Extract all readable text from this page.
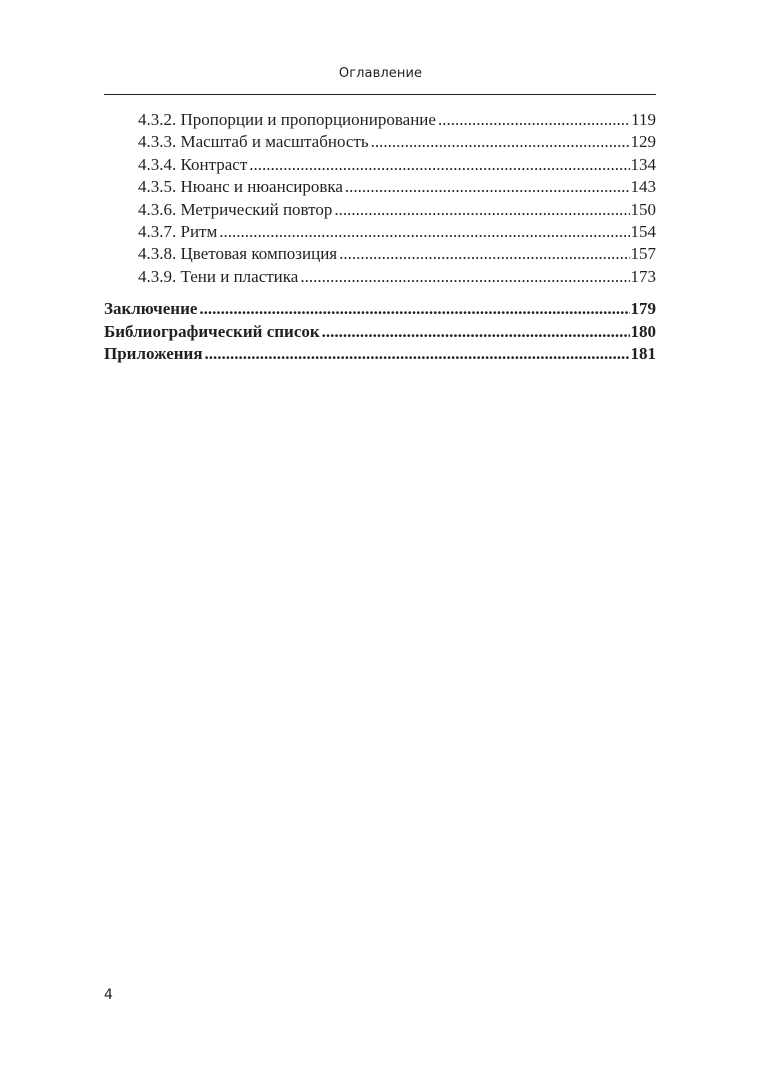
Оглавление
4.3.2. Пропорции и пропорционирование .....	119
4.3.3. Масштаб и масштабность .....	129
4.3.4. Контраст .....	134
4.3.5. Нюанс и нюансировка .....	143
4.3.6. Метрический повтор .....	150
4.3.7. Ритм .....	154
4.3.8. Цветовая композиция .....	157
4.3.9. Тени и пластика .....	173
Заключение .....	179
Библиографический список .....	180
Приложения .....	181
4
